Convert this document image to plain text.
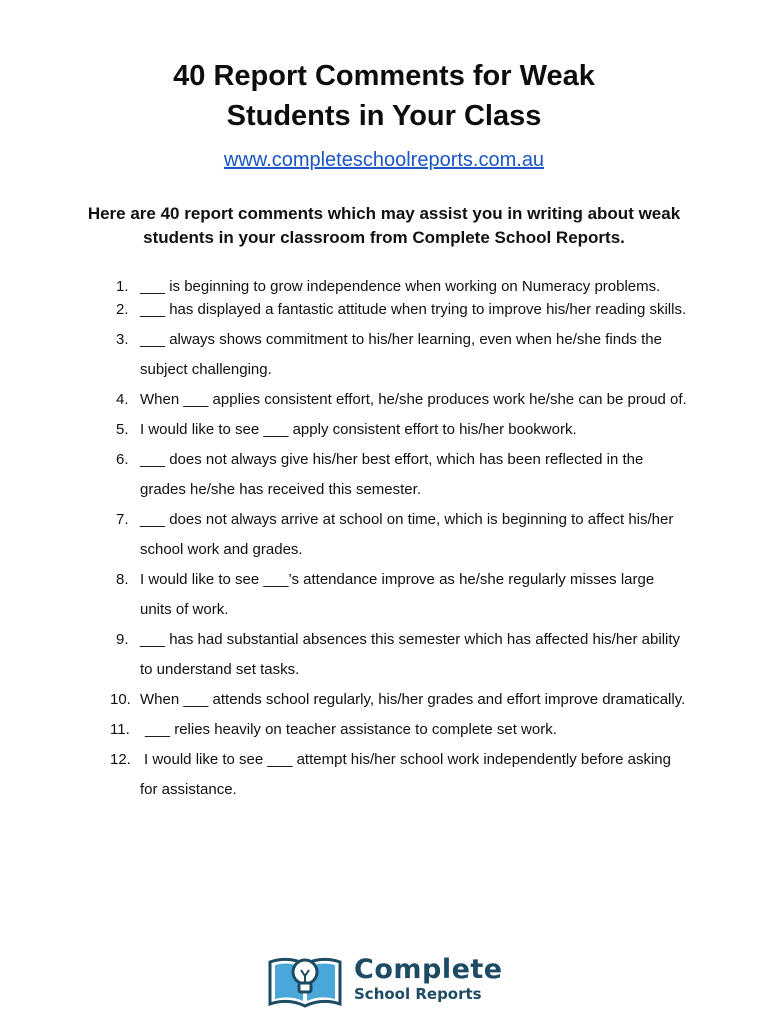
40 Report Comments for Weak
Students in Your Class
www.completeschoolreports.com.au

Here are 40 report comments which may assist you in writing about weak students in your classroom from Complete School Reports.

1. ___ is beginning to grow independence when working on Numeracy problems.
2. ___ has displayed a fantastic attitude when trying to improve his/her reading skills.
3. ___ always shows commitment to his/her learning, even when he/she finds the subject challenging.
4. When ___ applies consistent effort, he/she produces work he/she can be proud of.
5. I would like to see ___ apply consistent effort to his/her bookwork.
6. ___ does not always give his/her best effort, which has been reflected in the grades he/she has received this semester.
7. ___ does not always arrive at school on time, which is beginning to affect his/her school work and grades.
8. I would like to see ___’s attendance improve as he/she regularly misses large units of work.
9. ___ has had substantial absences this semester which has affected his/her ability to understand set tasks.
10. When ___ attends school regularly, his/her grades and effort improve dramatically.
11. ___ relies heavily on teacher assistance to complete set work.
12. I would like to see ___ attempt his/her school work independently before asking for assistance.
Complete
School Reports
